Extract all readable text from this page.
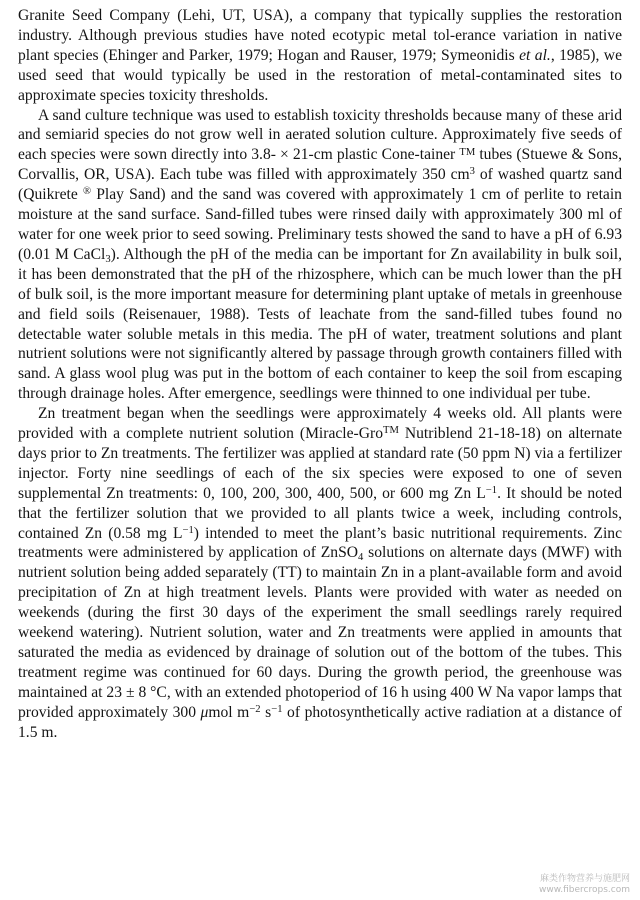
Granite Seed Company (Lehi, UT, USA), a company that typically supplies the restoration industry. Although previous studies have noted ecotypic metal tol-erance variation in native plant species (Ehinger and Parker, 1979; Hogan and Rauser, 1979; Symeonidis et al., 1985), we used seed that would typically be used in the restoration of metal-contaminated sites to approximate species toxicity thresholds.

A sand culture technique was used to establish toxicity thresholds because many of these arid and semiarid species do not grow well in aerated solution culture. Approximately five seeds of each species were sown directly into 3.8- × 21-cm plastic Cone-tainer ™ tubes (Stuewe & Sons, Corvallis, OR, USA). Each tube was filled with approximately 350 $cm^3$ of washed quartz sand (Quikrete ® Play Sand) and the sand was covered with approximately 1 cm of perlite to retain moisture at the sand surface. Sand-filled tubes were rinsed daily with approximately 300 ml of water for one week prior to seed sowing. Preliminary tests showed the sand to have a pH of 6.93 (0.01 M CaCl$_3$). Although the pH of the media can be important for Zn availability in bulk soil, it has been demonstrated that the pH of the rhizosphere, which can be much lower than the pH of bulk soil, is the more important measure for determining plant uptake of metals in greenhouse and field soils (Reisenauer, 1988). Tests of leachate from the sand-filled tubes found no detectable water soluble metals in this media. The pH of water, treatment solutions and plant nutrient solutions were not significantly altered by passage through growth containers filled with sand. A glass wool plug was put in the bottom of each container to keep the soil from escaping through drainage holes. After emergence, seedlings were thinned to one individual per tube.

Zn treatment began when the seedlings were approximately 4 weeks old. All plants were provided with a complete nutrient solution (Miracle-Gro™ Nutriblend 21-18-18) on alternate days prior to Zn treatments. The fertilizer was applied at standard rate (50 ppm N) via a fertilizer injector. Forty nine seedlings of each of the six species were exposed to one of seven supplemental Zn treatments: 0, 100, 200, 300, 400, 500, or 600 mg Zn $L^{-1}$. It should be noted that the fertilizer solution that we provided to all plants twice a week, including controls, contained Zn (0.58 mg $L^{-1}$) intended to meet the plant’s basic nutritional requirements. Zinc treatments were administered by application of ZnSO$_4$ solutions on alternate days (MWF) with nutrient solution being added separately (TT) to maintain Zn in a plant-available form and avoid precipitation of Zn at high treatment levels. Plants were provided with water as needed on weekends (during the first 30 days of the experiment the small seedlings rarely required weekend watering). Nutrient solution, water and Zn treatments were applied in amounts that saturated the media as evidenced by drainage of solution out of the bottom of the tubes. This treatment regime was continued for 60 days. During the growth period, the greenhouse was maintained at 23 ± 8 °C, with an extended photoperiod of 16 h using 400 W Na vapor lamps that provided approximately 300 μmol $m^{-2}$ $s^{-1}$ of photosynthetically active radiation at a distance of 1.5 m.

麻类作物营养与施肥网
www.fibercrops.com
